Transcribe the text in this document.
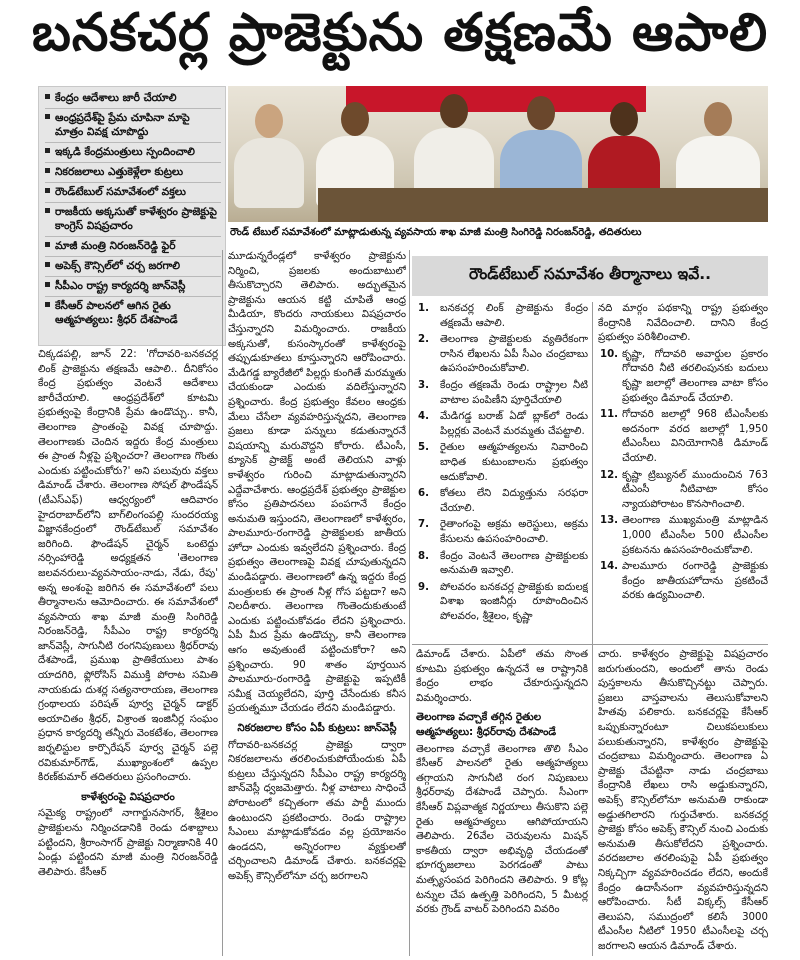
బనకచర్ల ప్రాజెక్టును తక్షణమే ఆపాలి
కేంద్రం ఆదేశాలు జారీ చేయాలి
ఆంధ్రప్రదేశ్‌పై ప్రేమ చూపినా మాపై మాత్రం వివక్ష చూపొద్దు
ఇక్కడి కేంద్రమంత్రులు స్పందించాలి
నికరజలాలు ఎత్తుకెళ్లేలా కుట్రలు
రౌండ్‌టేబుల్ సమావేశంలో వక్తలు
రాజకీయ అక్కసుతో కాళేశ్వరం ప్రాజెక్టుపై కాంగ్రెస్ విషప్రచారం
మాజీ మంత్రి నిరంజన్‌రెడ్డి ఫైర్
అపెక్స్ కౌన్సిల్‌లో చర్చ జరగాలి
సీపీఎం రాష్ట్ర కార్యదర్శి జాన్‌వెస్లీ
కేసీఆర్ పాలనలో ఆగిన రైతు ఆత్మహత్యలు: శ్రీధర్ దేశపాండే
రౌండ్ టేబుల్ సమావేశంలో మాట్లాడుతున్న వ్యవసాయ శాఖ మాజీ మంత్రి సింగిరెడ్డి నిరంజన్‌రెడ్డి, తదితరులు

చిక్కడపల్లి, జూన్ 22: 'గోదావరి-బనకచర్ల లింక్ ప్రాజెక్టును తక్షణమే ఆపాలి.. దీనికోసం కేంద్ర ప్రభుత్వం వెంటనే ఆదేశాలు జారీచేయాలి. ఆంధ్రప్రదేశ్‌లో కూటమి ప్రభుత్వంపై కేంద్రానికి ప్రేమ ఉండొచ్చు.. కానీ, తెలంగాణ ప్రాంతంపై వివక్ష చూపొద్దు. తెలంగాణకు చెందిన ఇద్దరు కేంద్ర మంత్రులు ఈ ప్రాంత నీళ్లపై ప్రశ్నించరా? తెలంగాణ గొంతు ఎందుకు పట్టించుకోరు?' అని పలువురు వక్తలు డిమాండ్ చేశారు. తెలంగాణ సోషల్ ఫౌండేషన్ (టీఎస్‌ఎఫ్) ఆధ్వర్యంలో ఆదివారం హైదరాబాద్‌లోని బాగ్‌లింగంపల్లి సుందరయ్య విజ్ఞానకేంద్రంలో రౌండ్‌టేబుల్ సమావేశం జరిగింది. ఫౌండేషన్ చైర్మన్ ఒంటెద్దు నర్సింహారెడ్డి అధ్యక్షతన 'తెలంగాణ జలవనరులు-వ్యవసాయం-నాడు, నేడు, రేపు' అన్న అంశంపై జరిగిన ఈ సమావేశంలో పలు తీర్మానాలను ఆమోదించారు. ఈ సమావేశంలో వ్యవసాయ శాఖ మాజీ మంత్రి సింగిరెడ్డి నిరంజన్‌రెడ్డి, సీపీఎం రాష్ట్ర కార్యదర్శి జాన్‌వెస్లీ, సాగునీటి రంగనిపుణులు శ్రీధర్‌రావు దేశపాండే, ప్రముఖ ప్రాతికేయులు పాశం యాదగిరి, ఫ్లోరోసిస్ విముక్తి పోరాట సమితి నాయకుడు దుశర్ల సత్యనారాయణ, తెలంగాణ గ్రంథాలయ పరిషత్ పూర్వ చైర్మన్ డాక్టర్ అయాచితం శ్రీధర్, విశ్రాంత ఇంజినీర్ల సంఘం ప్రధాన కార్యదర్శి తన్నీరు వెంకటేశం, తెలంగాణ జర్నలిస్టుల కార్పొరేషన్ పూర్వ చైర్మన్ పల్లె రవికుమార్‌గౌడ్, ముఖ్యాంశంలో ఉప్పల కిరణ్‌కుమార్ తదితరులు ప్రసంగించారు.

కాళేశ్వరంపై విషప్రచారం

సమైక్య రాష్ట్రంలో నాగార్జునసాగర్, శ్రీశైలం ప్రాజెక్టులను నిర్మించడానికి రెండు దశాబ్దాలు పట్టిందని, శ్రీరాంసాగర్ ప్రాజెక్టు నిర్మాణానికి 40 ఏండ్లు పట్టిందని మాజీ మంత్రి నిరంజన్‌రెడ్డి తెలిపారు. కేసీఆర్

మూడున్నరేండ్లలో కాళేశ్వరం ప్రాజెక్టును నిర్మించి, ప్రజలకు అందుబాటులో తీసుకొచ్చారని తెలిపారు. అద్భుతమైన ప్రాజెక్టును ఆయన కట్టి చూపితే ఆంధ్ర మీడియా, కొందరు నాయకులు విషప్రచారం చేస్తున్నారని విమర్శించారు. రాజకీయ అక్కసుతో, కుసంస్కారంతో కాళేశ్వరంపై తప్పుడుకూతలు కూస్తున్నారని ఆరోపించారు. మేడిగడ్డ బ్యారేజీలో పిల్లర్లు కుంగితే మరమ్మతు చేయకుండా ఎందుకు వదిలేస్తున్నారని ప్రశ్నించారు. కేంద్ర ప్రభుత్వం కేవలం ఆంధ్రకు మేలు చేసేలా వ్యవహరిస్తున్నదని, తెలంగాణ ప్రజలు కూడా పన్నులు కడుతున్నారనే విషయాన్ని మరువొద్దని కోరారు. టీఎంసీ, క్యూసెక్ ప్రాజెక్ట్ అంటే తెలియని వాళ్లు కాళేశ్వరం గురించి మాట్లాడుతున్నారని ఎద్దేవాచేశారు. ఆంధ్రప్రదేశ్ ప్రభుత్వం ప్రాజెక్టుల కోసం ప్రతిపాదనలు పంపగానే కేంద్రం అనుమతి ఇస్తుందని, తెలంగాణలో కాళేశ్వరం, పాలమూరు-రంగారెడ్డి ప్రాజెక్టులకు జాతీయ హోదా ఎందుకు ఇవ్వలేదని ప్రశ్నించారు. కేంద్ర ప్రభుత్వం తెలంగాణపై వివక్ష చూపుతున్నదని మండిపడ్డారు. తెలంగాణలో ఉన్న ఇద్దరు కేంద్ర మంత్రులకు ఈ ప్రాంత నీళ్ల గోస పట్టదా? అని నిలదీశారు. తెలంగాణ గొంతెందుకుతుంటే ఎందుకు పట్టించుకోవడం లేదని ప్రశ్నించారు. ఏపీ మీద ప్రేమ ఉండొచ్చు, కానీ తెలంగాణ ఆగం అవుతుంటే పట్టించుకోరా? అని ప్రశ్నించారు. 90 శాతం పూర్తయిన పాలమూరు-రంగారెడ్డి ప్రాజెక్టుపై ఇప్పటికీ సమీక్ష చెయ్యలేదని, పూర్తి చేసేందుకు కనీస ప్రయత్నమూ చేయడం లేదని మండిపడ్డారు.

నికరజలాల కోసం ఏపీ కుట్రలు: జాన్‌వెస్లీ

గోదావరి-బనకచర్ల ప్రాజెక్టు ద్వారా నికరజలాలను తరలించుకుపోయేందుకు ఏపీ కుట్రలు చేస్తున్నదని సీపీఎం రాష్ట్ర కార్యదర్శి జాన్‌వెస్లీ ధ్వజమెత్తారు. నీళ్ల వాటాలు సాధించే పోరాటంలో కచ్చితంగా తమ పార్టీ ముందు ఉంటుందని ప్రకటించారు. రెండు రాష్ట్రాల సీఎంలు మాట్లాడుకోవడం వల్ల ప్రయోజనం ఉండదని, అన్నిరంగాల వ్యక్తులతో చర్చించాలని డిమాండ్ చేశారు. బనకచర్లపై అపెక్స్ కౌన్సిల్‌లోనూ చర్చ జరగాలని

రౌండ్‌టేబుల్ సమావేశం తీర్మానాలు ఇవే..
1. బనకచర్ల లింక్ ప్రాజెక్టును కేంద్రం తక్షణమే ఆపాలి.
2. తెలంగాణ ప్రాజెక్టులకు వ్యతిరేకంగా రాసిన లేఖలను ఏపీ సీఎం చంద్రబాబు ఉపసంహరించుకోవాలి.
3. కేంద్రం తక్షణమే రెండు రాష్ట్రాల నీటి వాటాల పంపిణీని పూర్తిచేయాలి
4. మేడిగడ్డ బరాజ్ ఏడో బ్లాక్‌లో రెండు పిల్లర్లకు వెంటనే మరమ్మతు చేపట్టాలి.
5. రైతుల ఆత్మహత్యలను నివారించి బాధిత కుటుంబాలను ప్రభుత్వం ఆదుకోవాలి.
6. కోతలు లేని విద్యుత్తును సరఫరా చేయాలి.
7. రైతాంగంపై అక్రమ అరెస్టులు, అక్రమ కేసులను ఉపసంహరించాలి.
8. కేంద్రం వెంటనే తెలంగాణ ప్రాజెక్టులకు అనుమతి ఇవ్వాలి.
9. పోలవరం బనకచర్ల ప్రాజెక్టుకు ఐదులక్ష విశాఖ ఇంజినీర్లు రూపొందించిన పోలవరం, శ్రీశైలం, కృష్ణా

నది మార్గం పథకాన్ని రాష్ట్ర ప్రభుత్వం కేంద్రానికి నివేదించాలి. దానిని కేంద్ర ప్రభుత్వం పరిశీలించాలి.

10. కృష్ణా, గోదావరి అవార్డుల ప్రకారం గోదావరి నీటి తరలింపునకు బదులు కృష్ణా జలాల్లో తెలంగాణ వాటా కోసం ప్రభుత్వం డిమాండ్ చేయాలి.
11. గోదావరి జలాల్లో 968 టీఎంసీలకు అదనంగా వరద జలాల్లో 1,950 టీఎంసీలు వినియోగానికి డిమాండ్ చేయాలి.
12. కృష్ణా ట్రిబ్యునల్ ముందుంచిన 763 టీఎంసీ నీటివాటా కోసం న్యాయపోరాటం కొనసాగించాలి.
13. తెలంగాణ ముఖ్యమంత్రి మాట్లాడిన 1,000 టీఎంసీల 500 టీఎంసీల ప్రకటనను ఉపసంహరించుకోవాలి.
14. పాలమూరు రంగారెడ్డి ప్రాజెక్టుకు కేంద్రం జాతీయహోదాను ప్రకటించే వరకు ఉద్యమించాలి.

డిమాండ్ చేశారు. ఏపీలో తమ సొంత కూటమి ప్రభుత్వం ఉన్నదనే ఆ రాష్ట్రానికి కేంద్రం లాభం చేకూరుస్తున్నదని విమర్శించారు.

తెలంగాణ వచ్చాకే తగ్గిన రైతుల ఆత్మహత్యలు: శ్రీధర్‌రావు దేశపాండే

తెలంగాణ వచ్చాకే తెలంగాణ తొలి సీఎం కేసీఆర్ పాలనలో రైతు ఆత్మహత్యలు తగ్గాయని సాగునీటి రంగ నిపుణులు శ్రీధర్‌రావు దేశపాండే చెప్పారు. సీఎంగా కేసీఆర్ విప్లవాత్మక నిర్ణయాలు తీసుకొని పల్లె రైతు ఆత్మహత్యలు ఆగిపోయాయని తెలిపారు. 26వేల చెరువులను మిషన్ కాకతీయ ద్వారా అభివృద్ధి చేయడంతో భూగర్భజలాలు పెరగడంతో పాటు మత్స్యసంపద పెరిగిందని తెలిపారు. 9 కోట్ల టన్నుల చేప ఉత్పత్తి పెరిగిందని, 5 మీటర్ల వరకు గ్రౌండ్ వాటర్ పెరిగిందని వివరిం

చారు. కాళేశ్వరం ప్రాజెక్టుపై విషప్రచారం జరుగుతుందని, అందులో తాను రెండు పుస్తకాలను తీసుకొచ్చినట్టు చెప్పారు. ప్రజలు వాస్తవాలను తెలుసుకోవాలని హితవు పలికారు. బనకచర్లపై కేసీఆర్ ఒప్పుకున్నారంటూ చిలుకపలుకులు పలుకుతున్నారని, కాళేశ్వరం ప్రాజెక్టుపై చంద్రబాబు విమర్శించారు. తెలంగాణ ఏ ప్రాజెక్టు చేపట్టినా నాడు చంద్రబాబు కేంద్రానికి లేఖలు రాసి అడ్డుకున్నారని, అపెక్స్ కౌన్సిల్‌లోనూ అనుమతి రాకుండా అడ్డుతగిలారని గుర్తుచేశారు. బనకచర్ల ప్రాజెక్టు కోసం అపెక్స్ కౌన్సిల్ నుంచి ఎందుకు అనుమతి తీసుకోలేదని ప్రశ్నించారు. వరదజలాల తరలింపుపై ఏపీ ప్రభుత్వం నిక్కచ్చిగా వ్యవహరించడం లేదని, అందుకే కేంద్రం ఉదాసీనంగా వ్యవహరిస్తున్నదని ఆరోపించారు. సీటీ విక్కల్స్ కేసీఆర్ తెలుపని, సముద్రంలో కలిసే 3000 టీఎంసీల నీటిలో 1950 టీఎంసీలపై చర్చ జరగాలని ఆయన డిమాండ్ చేశారు.
